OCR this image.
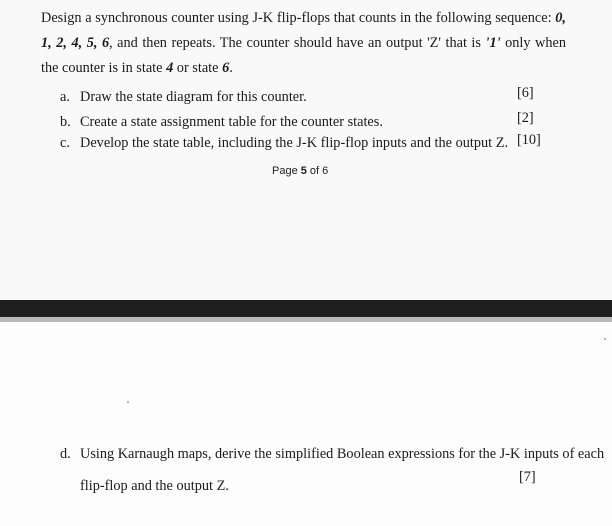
Design a synchronous counter using J-K flip-flops that counts in the following sequence: 0, 1, 2, 4, 5, 6, and then repeats. The counter should have an output 'Z' that is '1' only when the counter is in state 4 or state 6.

a. Draw the state diagram for this counter.	[6]
b. Create a state assignment table for the counter states.	[2]
c. Develop the state table, including the J-K flip-flop inputs and the output Z. [10]
Page 5 of 6
d. Using Karnaugh maps, derive the simplified Boolean expressions for the J-K inputs of each
flip-flop and the output Z.
[7]
